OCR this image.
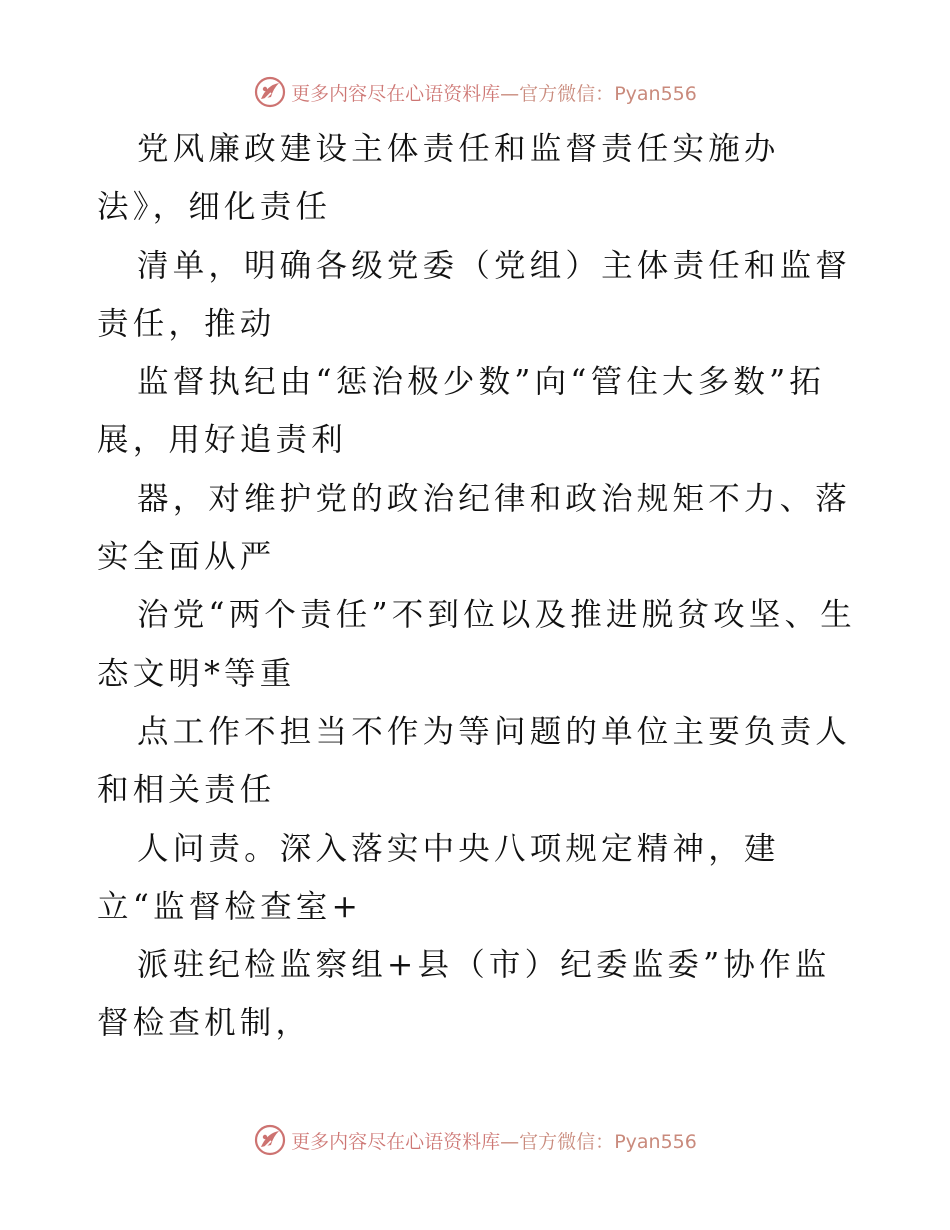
更多内容尽在心语资料库—官方微信：Pyan556

党风廉政建设主体责任和监督责任实施办法》，细化责任

清单，明确各级党委（党组）主体责任和监督责任，推动

监督执纪由“惩治极少数”向“管住大多数”拓展，用好追责利

器，对维护党的政治纪律和政治规矩不力、落实全面从严

治党“两个责任”不到位以及推进脱贫攻坚、生态文明*等重

点工作不担当不作为等问题的单位主要负责人和相关责任

人问责。深入落实中央八项规定精神，建立“监督检查室+

派驻纪检监察组+县（市）纪委监委”协作监督检查机制，

更多内容尽在心语资料库—官方微信：Pyan556
